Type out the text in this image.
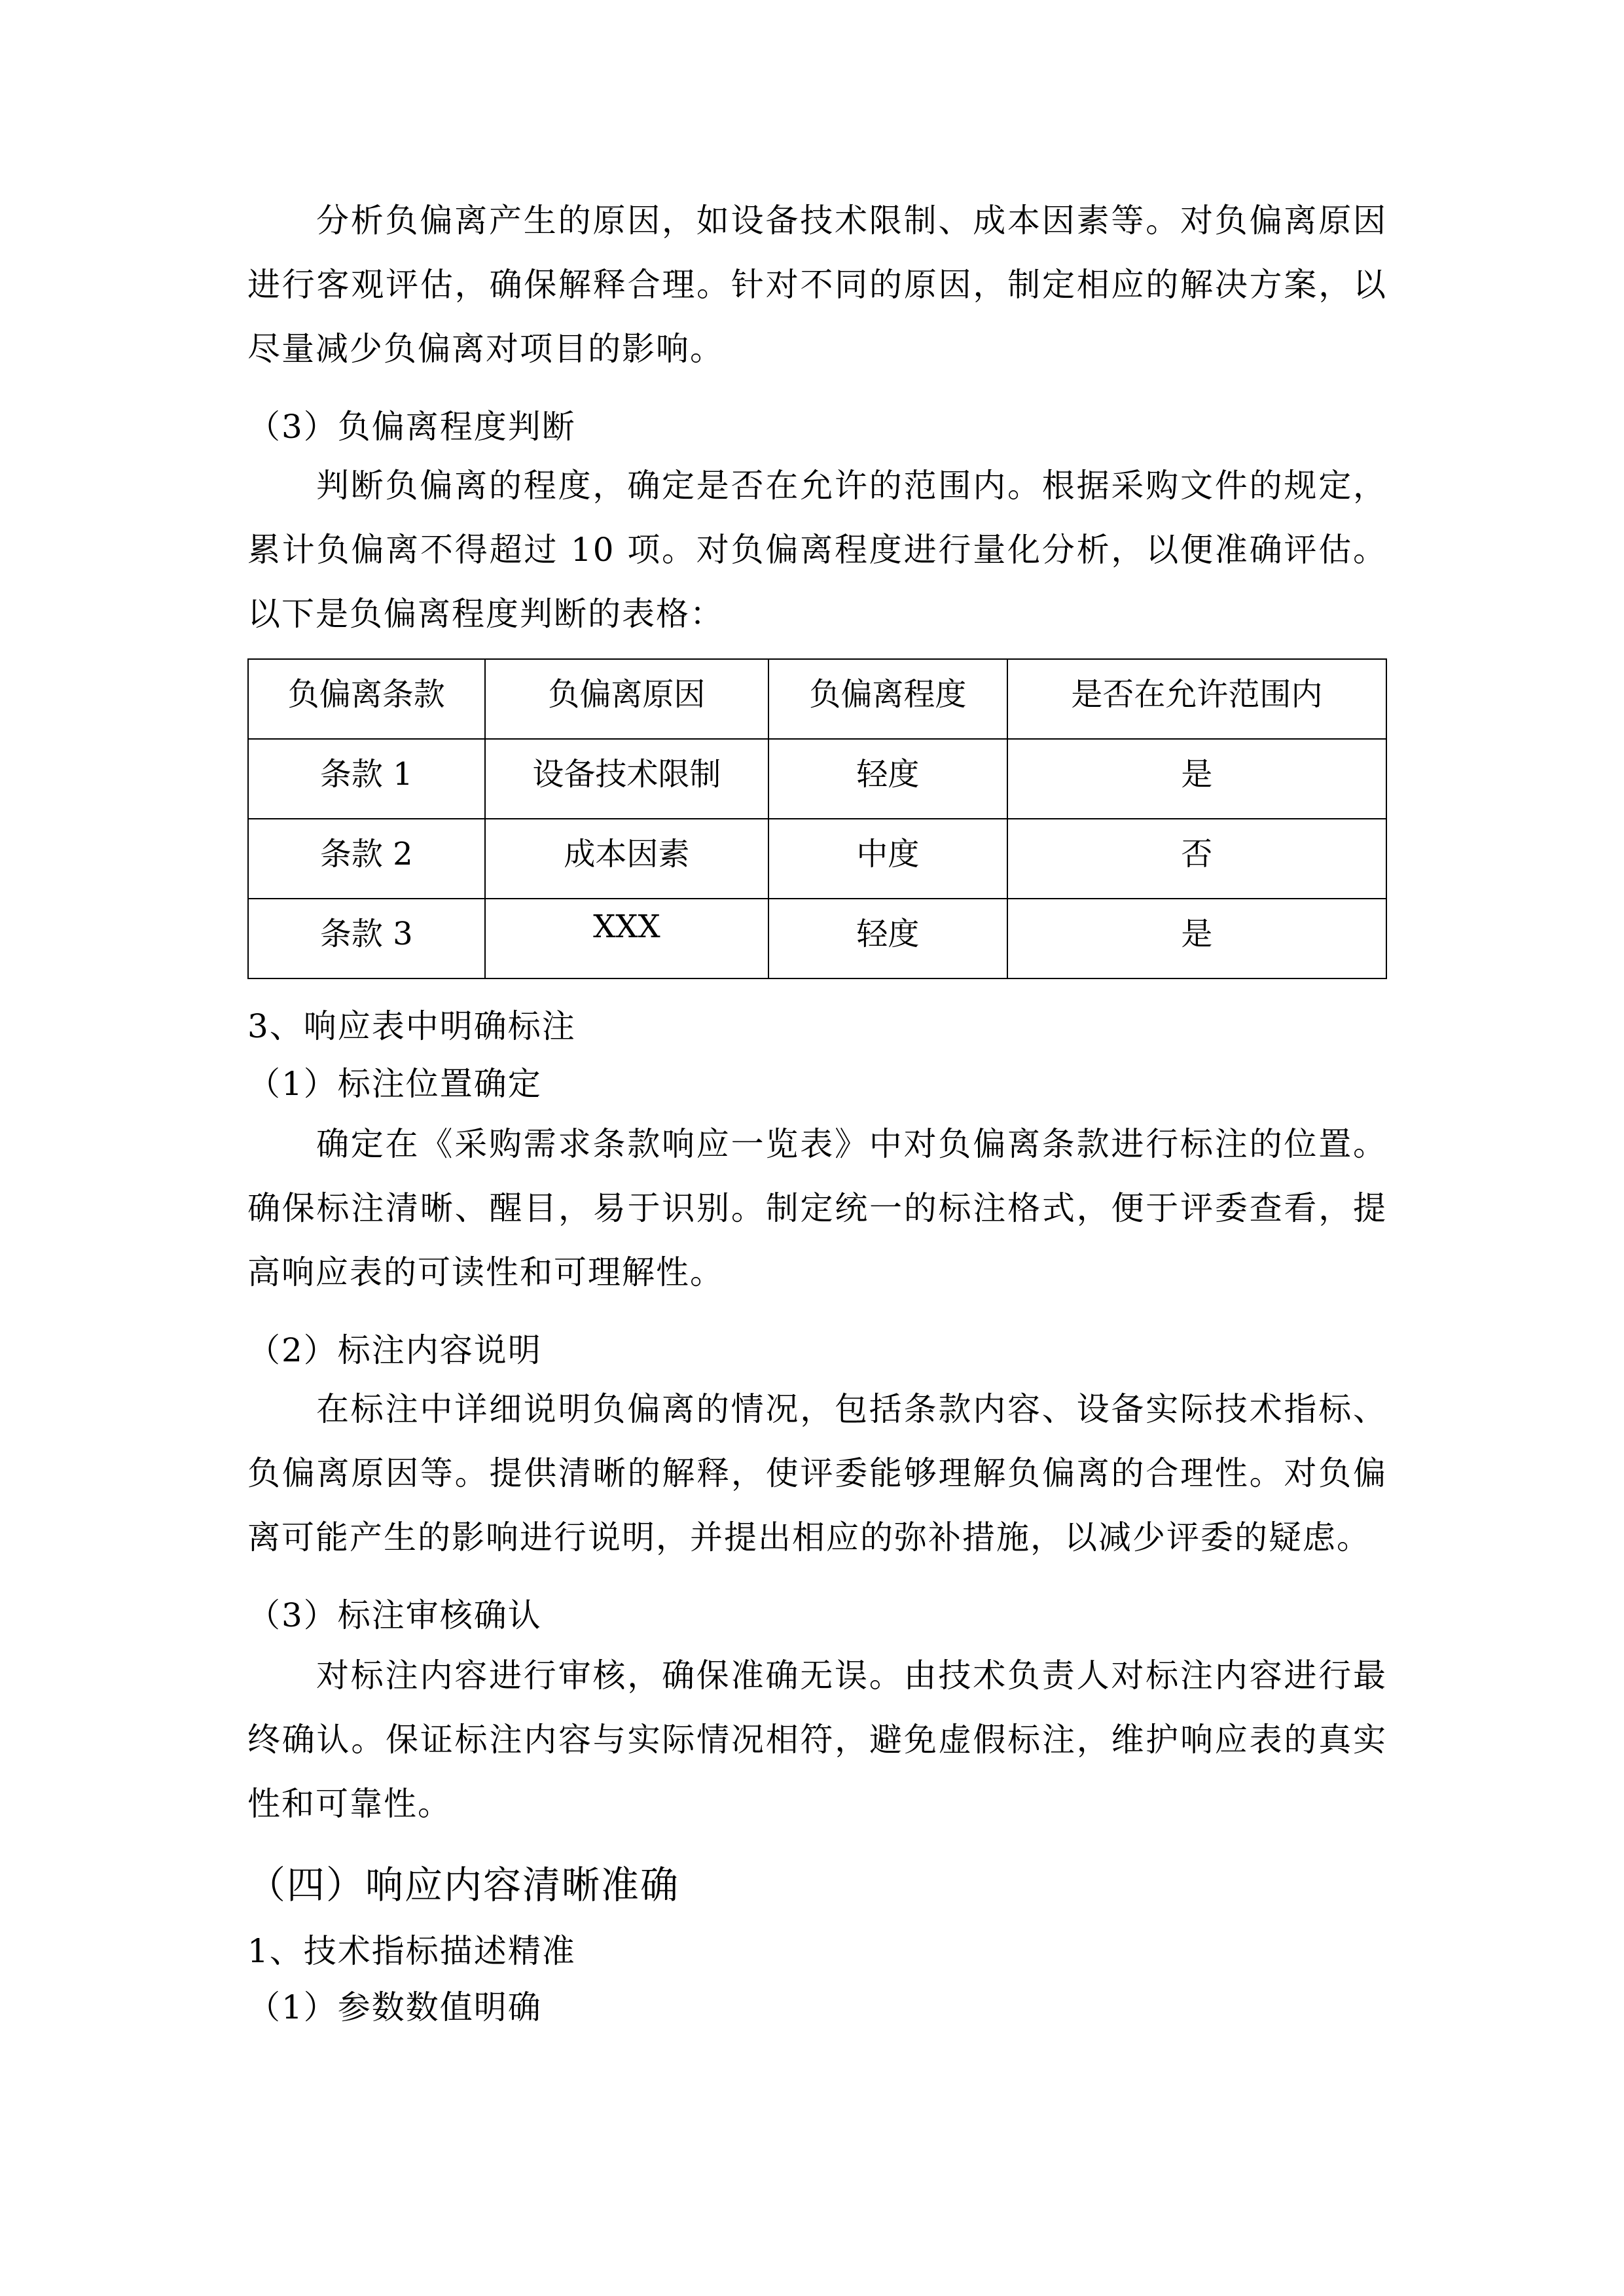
分析负偏离产生的原因，如设备技术限制、成本因素等。对负偏离原因进行客观评估，确保解释合理。针对不同的原因，制定相应的解决方案，以尽量减少负偏离对项目的影响。
（3）负偏离程度判断
判断负偏离的程度，确定是否在允许的范围内。根据采购文件的规定，累计负偏离不得超过 10 项。对负偏离程度进行量化分析，以便准确评估。以下是负偏离程度判断的表格：
负偏离条款	负偏离原因	负偏离程度	是否在允许范围内
条款 1	设备技术限制	轻度	是
条款 2	成本因素	中度	否
条款 3	XXX	轻度	是
3、响应表中明确标注
（1）标注位置确定
确定在《采购需求条款响应一览表》中对负偏离条款进行标注的位置。确保标注清晰、醒目，易于识别。制定统一的标注格式，便于评委查看，提高响应表的可读性和可理解性。
（2）标注内容说明
在标注中详细说明负偏离的情况，包括条款内容、设备实际技术指标、负偏离原因等。提供清晰的解释，使评委能够理解负偏离的合理性。对负偏离可能产生的影响进行说明，并提出相应的弥补措施，以减少评委的疑虑。
（3）标注审核确认
对标注内容进行审核，确保准确无误。由技术负责人对标注内容进行最终确认。保证标注内容与实际情况相符，避免虚假标注，维护响应表的真实性和可靠性。
（四）响应内容清晰准确
1、技术指标描述精准
（1）参数数值明确
